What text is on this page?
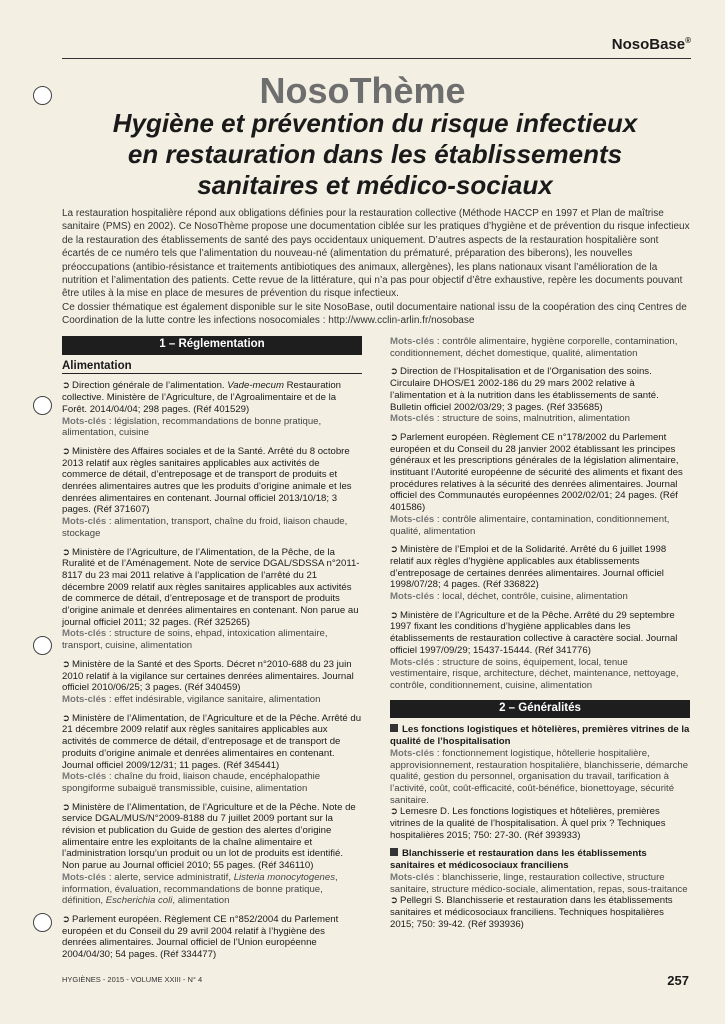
NosoBase®
NosoThème
Hygiène et prévention du risque infectieux
en restauration dans les établissements
sanitaires et médico-sociaux

La restauration hospitalière répond aux obligations définies pour la restauration collective (Méthode HACCP en 1997 et Plan de maîtrise sanitaire (PMS) en 2002). Ce NosoThème propose une documentation ciblée sur les pratiques d’hygiène et de prévention du risque infectieux de la restauration des établissements de santé des pays occidentaux uniquement. D’autres aspects de la restauration hospitalière sont écartés de ce numéro tels que l’alimentation du nouveau-né (alimentation du prématuré, préparation des biberons), les nouvelles préoccupations (antibio-résistance et traitements antibiotiques des animaux, allergènes), les plans nationaux visant l’amélioration de la nutrition et l’alimentation des patients. Cette revue de la littérature, qui n’a pas pour objectif d’être exhaustive, repère les documents pouvant être utiles à la mise en place de mesures de prévention du risque infectieux.

Ce dossier thématique est également disponible sur le site NosoBase, outil documentaire national issu de la coopération des cinq Centres de Coordination de la lutte contre les infections nosocomiales : http://www.cclin-arlin.fr/nosobase

1 – Réglementation
Alimentation
➲ Direction générale de l’alimentation. Vade-mecum Restauration collective. Ministère de l’Agriculture, de l’Agroalimentaire et de la Forêt. 2014/04/04; 298 pages. (Réf 401529)
Mots-clés : législation, recommandations de bonne pratique, alimentation, cuisine
➲ Ministère des Affaires sociales et de la Santé. Arrêté du 8 octobre 2013 relatif aux règles sanitaires applicables aux activités de commerce de détail, d’entreposage et de transport de produits et denrées alimentaires autres que les produits d’origine animale et les denrées alimentaires en contenant. Journal officiel 2013/10/18; 3 pages. (Réf 371607)
Mots-clés : alimentation, transport, chaîne du froid, liaison chaude, stockage
➲ Ministère de l’Agriculture, de l’Alimentation, de la Pêche, de la Ruralité et de l’Aménagement. Note de service DGAL/SDSSA n°2011-8117 du 23 mai 2011 relative à l’application de l’arrêté du 21 décembre 2009 relatif aux règles sanitaires applicables aux activités de commerce de détail, d’entreposage et de transport de produits d’origine animale et denrées alimentaires en contenant. Non parue au journal officiel 2011; 32 pages. (Réf 325265)
Mots-clés : structure de soins, ehpad, intoxication alimentaire, transport, cuisine, alimentation
➲ Ministère de la Santé et des Sports. Décret n°2010-688 du 23 juin 2010 relatif à la vigilance sur certaines denrées alimentaires. Journal officiel 2010/06/25; 3 pages. (Réf 340459)
Mots-clés : effet indésirable, vigilance sanitaire, alimentation
➲ Ministère de l’Alimentation, de l’Agriculture et de la Pêche. Arrêté du 21 décembre 2009 relatif aux règles sanitaires applicables aux activités de commerce de détail, d’entreposage et de transport de produits d’origine animale et denrées alimentaires en contenant. Journal officiel 2009/12/31; 11 pages. (Réf 345441)
Mots-clés : chaîne du froid, liaison chaude, encéphalopathie spongiforme subaiguë transmissible, cuisine, alimentation
➲ Ministère de l’Alimentation, de l’Agriculture et de la Pêche. Note de service DGAL/MUS/N°2009-8188 du 7 juillet 2009 portant sur la révision et publication du Guide de gestion des alertes d’origine alimentaire entre les exploitants de la chaîne alimentaire et l’administration lorsqu’un produit ou un lot de produits est identifié. Non parue au Journal officiel 2010; 55 pages. (Réf 346110)
Mots-clés : alerte, service administratif, Listeria monocytogenes, information, évaluation, recommandations de bonne pratique, définition, Escherichia coli, alimentation
➲ Parlement européen. Règlement CE n°852/2004 du Parlement européen et du Conseil du 29 avril 2004 relatif à l’hygiène des denrées alimentaires. Journal officiel de l’Union européenne 2004/04/30; 54 pages. (Réf 334477)
Mots-clés : contrôle alimentaire, hygiène corporelle, contamination, conditionnement, déchet domestique, qualité, alimentation
➲ Direction de l’Hospitalisation et de l’Organisation des soins. Circulaire DHOS/E1 2002-186 du 29 mars 2002 relative à l’alimentation et à la nutrition dans les établissements de santé. Bulletin officiel 2002/03/29; 3 pages. (Réf 335685)
Mots-clés : structure de soins, malnutrition, alimentation
➲ Parlement européen. Règlement CE n°178/2002 du Parlement européen et du Conseil du 28 janvier 2002 établissant les principes généraux et les prescriptions générales de la législation alimentaire, instituant l’Autorité européenne de sécurité des aliments et fixant des procédures relatives à la sécurité des denrées alimentaires. Journal officiel des Communautés européennes 2002/02/01; 24 pages. (Réf 401586)
Mots-clés : contrôle alimentaire, contamination, conditionnement, qualité, alimentation
➲ Ministère de l’Emploi et de la Solidarité. Arrêté du 6 juillet 1998 relatif aux règles d’hygiène applicables aux établissements d’entreposage de certaines denrées alimentaires. Journal officiel 1998/07/28; 4 pages. (Réf 336822)
Mots-clés : local, déchet, contrôle, cuisine, alimentation
➲ Ministère de l’Agriculture et de la Pêche. Arrêté du 29 septembre 1997 fixant les conditions d’hygiène applicables dans les établissements de restauration collective à caractère social. Journal officiel 1997/09/29; 15437-15444. (Réf 341776)
Mots-clés : structure de soins, équipement, local, tenue vestimentaire, risque, architecture, déchet, maintenance, nettoyage, contrôle, conditionnement, cuisine, alimentation
2 – Généralités
Les fonctions logistiques et hôtelières, premières vitrines de la qualité de l’hospitalisation
Mots-clés : fonctionnement logistique, hôtellerie hospitalière, approvisionnement, restauration hospitalière, blanchisserie, démarche qualité, gestion du personnel, organisation du travail, tarification à l’activité, coût, coût-efficacité, coût-bénéfice, bionettoyage, sécurité sanitaire.
➲ Lemesre D. Les fonctions logistiques et hôtelières, premières vitrines de la qualité de l’hospitalisation. À quel prix ? Techniques hospitalières 2015; 750: 27-30. (Réf 393933)
Blanchisserie et restauration dans les établissements sanitaires et médicosociaux franciliens
Mots-clés : blanchisserie, linge, restauration collective, structure sanitaire, structure médico-sociale, alimentation, repas, sous-traitance
➲ Pellegri S. Blanchisserie et restauration dans les établissements sanitaires et médicosociaux franciliens. Techniques hospitalières 2015; 750: 39-42. (Réf 393936)
HYGIÈNES - 2015 - VOLUME XXIII - N° 4	257
